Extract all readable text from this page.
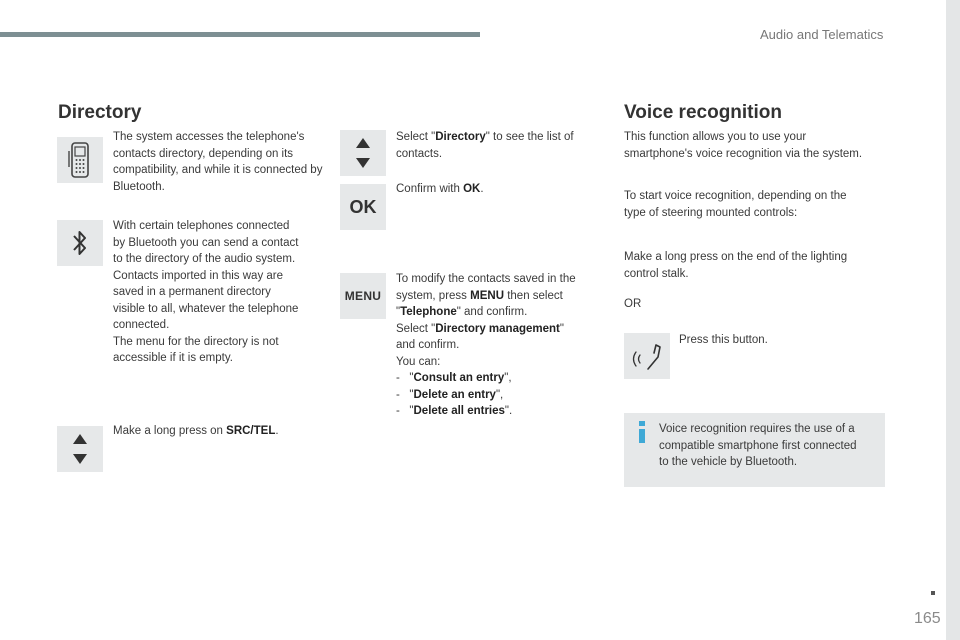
Audio and Telematics
Directory
The system accesses the telephone's contacts directory, depending on its compatibility, and while it is connected by Bluetooth.
With certain telephones connected
by Bluetooth you can send a contact
to the directory of the audio system.
Contacts imported in this way are
saved in a permanent directory
visible to all, whatever the telephone
connected.
The menu for the directory is not
accessible if it is empty.
Make a long press on SRC/TEL.
Select "Directory" to see the list of
contacts.
OK
Confirm with OK.
MENU
To modify the contacts saved in the
system, press MENU then select
"Telephone" and confirm.
Select "Directory management"
and confirm.
You can:
-   "Consult an entry",
-   "Delete an entry",
-   "Delete all entries".
Voice recognition
This function allows you to use your
smartphone's voice recognition via the system.
To start voice recognition, depending on the
type of steering mounted controls:
Make a long press on the end of the lighting
control stalk.
OR
Press this button.
Voice recognition requires the use of a
compatible smartphone first connected
to the vehicle by Bluetooth.
165
